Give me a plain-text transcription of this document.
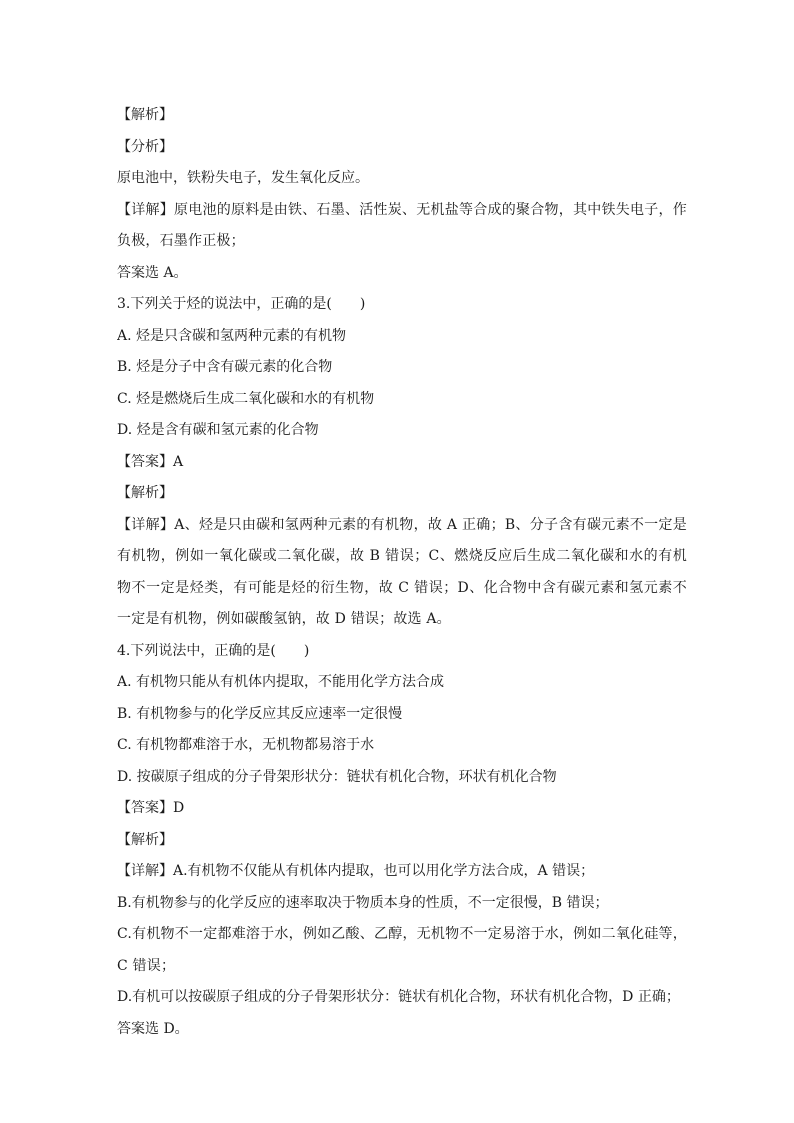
【解析】
【分析】
原电池中，铁粉失电子，发生氧化反应。
【详解】原电池的原料是由铁、石墨、活性炭、无机盐等合成的聚合物，其中铁失电子，作负极，石墨作正极；
答案选 A。
3.下列关于烃的说法中，正确的是(　　)
A. 烃是只含碳和氢两种元素的有机物
B. 烃是分子中含有碳元素的化合物
C. 烃是燃烧后生成二氧化碳和水的有机物
D. 烃是含有碳和氢元素的化合物
【答案】A
【解析】
【详解】A、烃是只由碳和氢两种元素的有机物，故 A 正确；B、分子含有碳元素不一定是有机物，例如一氧化碳或二氧化碳，故 B 错误；C、燃烧反应后生成二氧化碳和水的有机物不一定是烃类，有可能是烃的衍生物，故 C 错误；D、化合物中含有碳元素和氢元素不一定是有机物，例如碳酸氢钠，故 D 错误；故选 A。
4.下列说法中，正确的是(　　)
A. 有机物只能从有机体内提取，不能用化学方法合成
B. 有机物参与的化学反应其反应速率一定很慢
C. 有机物都难溶于水，无机物都易溶于水
D. 按碳原子组成的分子骨架形状分：链状有机化合物，环状有机化合物
【答案】D
【解析】
【详解】A.有机物不仅能从有机体内提取，也可以用化学方法合成，A 错误；
B.有机物参与的化学反应的速率取决于物质本身的性质，不一定很慢，B 错误；
C.有机物不一定都难溶于水，例如乙酸、乙醇，无机物不一定易溶于水，例如二氧化硅等，C 错误；
D.有机可以按碳原子组成的分子骨架形状分：链状有机化合物，环状有机化合物，D 正确；
答案选 D。
